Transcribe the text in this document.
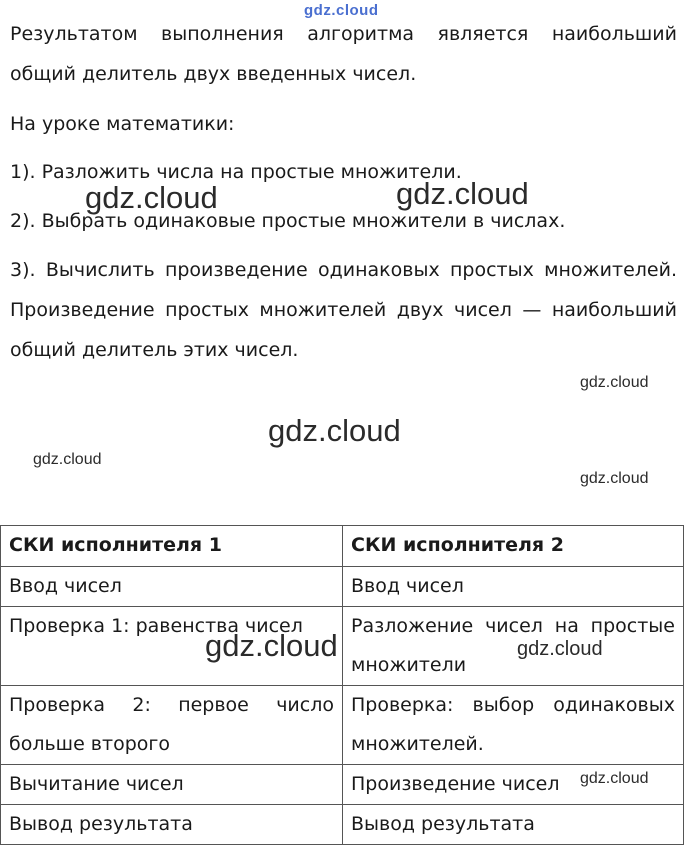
gdz.cloud

Результатом выполнения алгоритма является наибольший общий делитель двух введенных чисел.

На уроке математики:

1). Разложить числа на простые множители.

2). Выбрать одинаковые простые множители в числах.

3). Вычислить произведение одинаковых простых множителей. Произведение простых множителей двух чисел — наибольший общий делитель этих чисел.

gdz.cloud	gdz.cloud
gdz.cloud
gdz.cloud
gdz.cloud
gdz.cloud
СКИ исполнителя 1	СКИ исполнителя 2
Ввод чисел	Ввод чисел

Проверка 1: равенства чисел	Разложение чисел на простые множители

Проверка 2: первое число больше второго	Проверка: выбор одинаковых множителей.

Вычитание чисел	Произведение чисел
Вывод результата	Вывод результата
gdz.cloud	gdz.cloud
gdz.cloud
